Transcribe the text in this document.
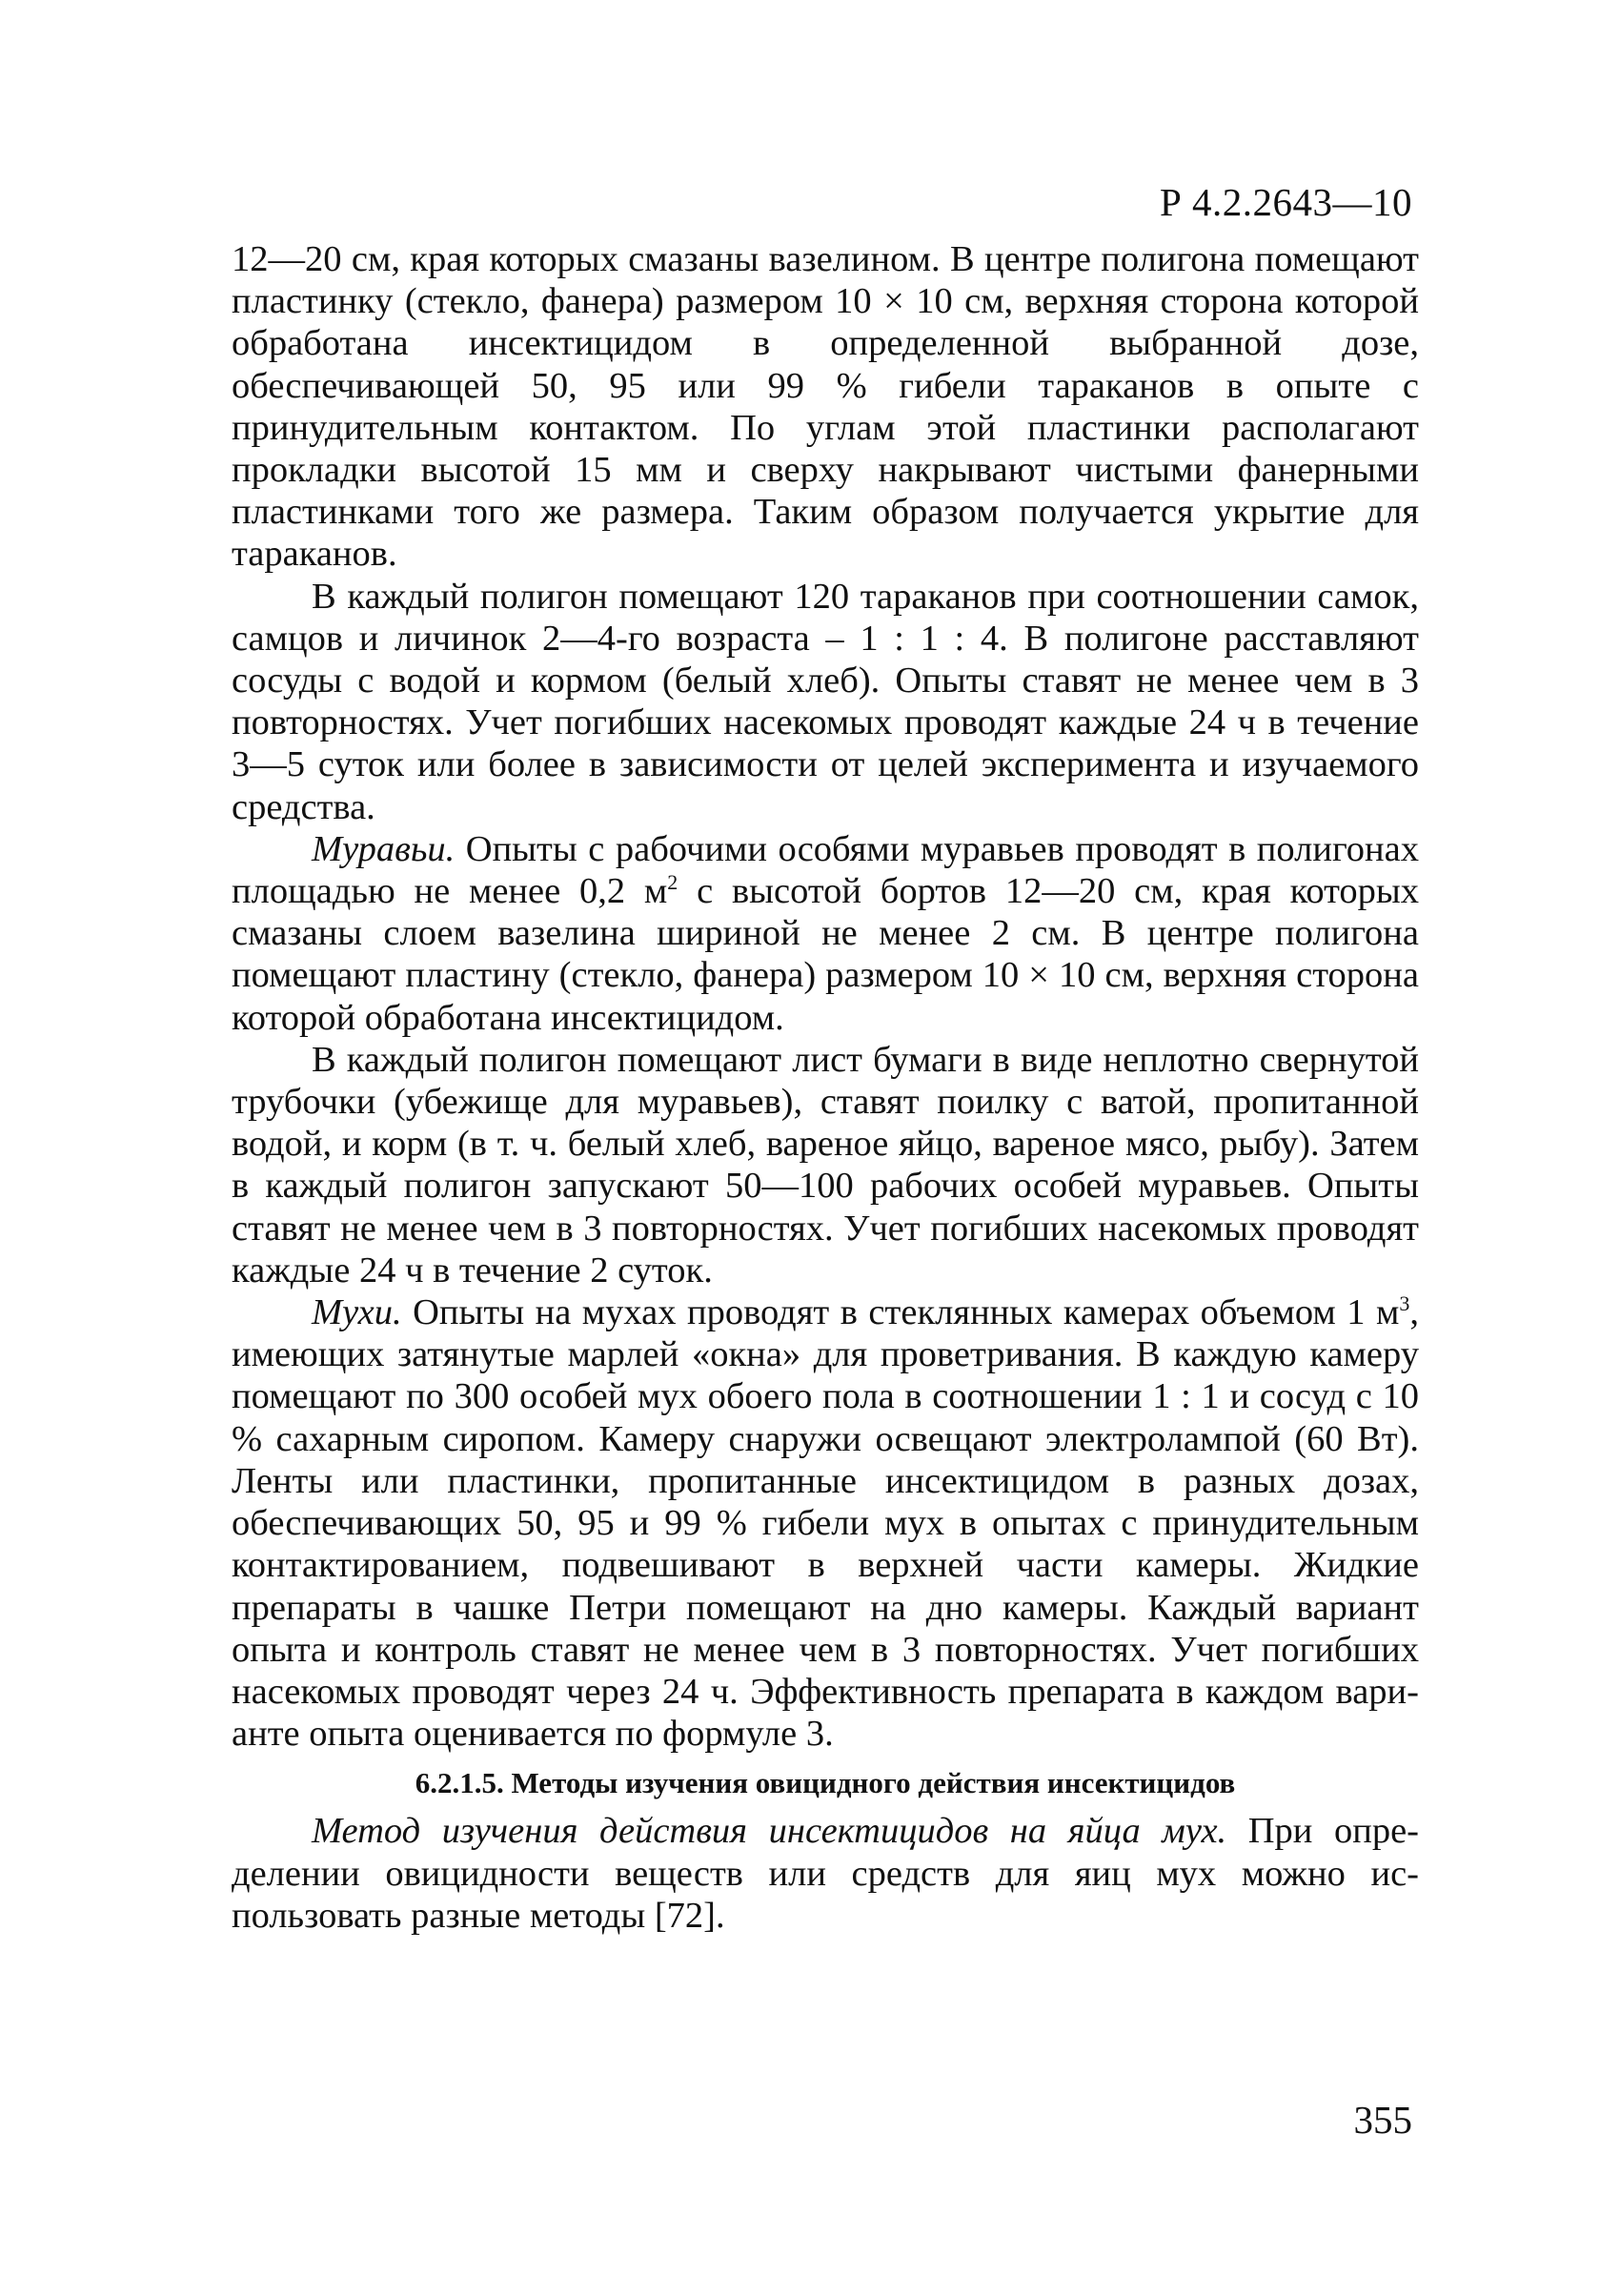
Р 4.2.2643—10

12—20 см, края которых смазаны вазелином. В центре полигона помещают пластинку (стекло, фанера) размером 10 × 10 см, верхняя сторона которой обработана инсектицидом в определенной выбранной дозе, обеспечивающей 50, 95 или 99 % гибели тараканов в опыте с принудительным контактом. По углам этой пластинки располагают прокладки высотой 15 мм и сверху накрывают чистыми фанерными пластинками того же размера. Таким образом получается укрытие для тараканов.

В каждый полигон помещают 120 тараканов при соотношении самок, самцов и личинок 2—4-го возраста – 1 : 1 : 4. В полигоне расставляют сосуды с водой и кормом (белый хлеб). Опыты ставят не менее чем в 3 повторностях. Учет погибших насекомых проводят каждые 24 ч в течение 3—5 суток или более в зависимости от целей эксперимента и изучаемого средства.

Муравьи. Опыты с рабочими особями муравьев проводят в полигонах площадью не менее 0,2 $м^2$ с высотой бортов 12—20 см, края которых смазаны слоем вазелина шириной не менее 2 см. В центре полигона помещают пластину (стекло, фанера) размером 10 × 10 см, верхняя сторона которой обработана инсектицидом.

В каждый полигон помещают лист бумаги в виде неплотно свернутой трубочки (убежище для муравьев), ставят поилку с ватой, пропитанной водой, и корм (в т. ч. белый хлеб, вареное яйцо, вареное мясо, рыбу). Затем в каждый полигон запускают 50—100 рабочих особей муравьев. Опыты ставят не менее чем в 3 повторностях. Учет погибших насекомых проводят каждые 24 ч в течение 2 суток.

Мухи. Опыты на мухах проводят в стеклянных камерах объемом 1 $м^3$, имеющих затянутые марлей «окна» для проветривания. В каждую камеру помещают по 300 особей мух обоего пола в соотношении 1 : 1 и сосуд с 10 % сахарным сиропом. Камеру снаружи освещают электролампой (60 Вт). Ленты или пластинки, пропитанные инсектицидом в разных дозах, обеспечивающих 50, 95 и 99 % гибели мух в опытах с принудительным контактированием, подвешивают в верхней части камеры. Жидкие препараты в чашке Петри помещают на дно камеры. Каждый вариант опыта и контроль ставят не менее чем в 3 повторностях. Учет погибших насекомых проводят через 24 ч. Эффективность препарата в каждом варианте опыта оценивается по формуле 3.

6.2.1.5. Методы изучения овицидного действия инсектицидов

Метод изучения действия инсектицидов на яйца мух. При определении овицидности веществ или средств для яиц мух можно использовать разные методы [72].

355
